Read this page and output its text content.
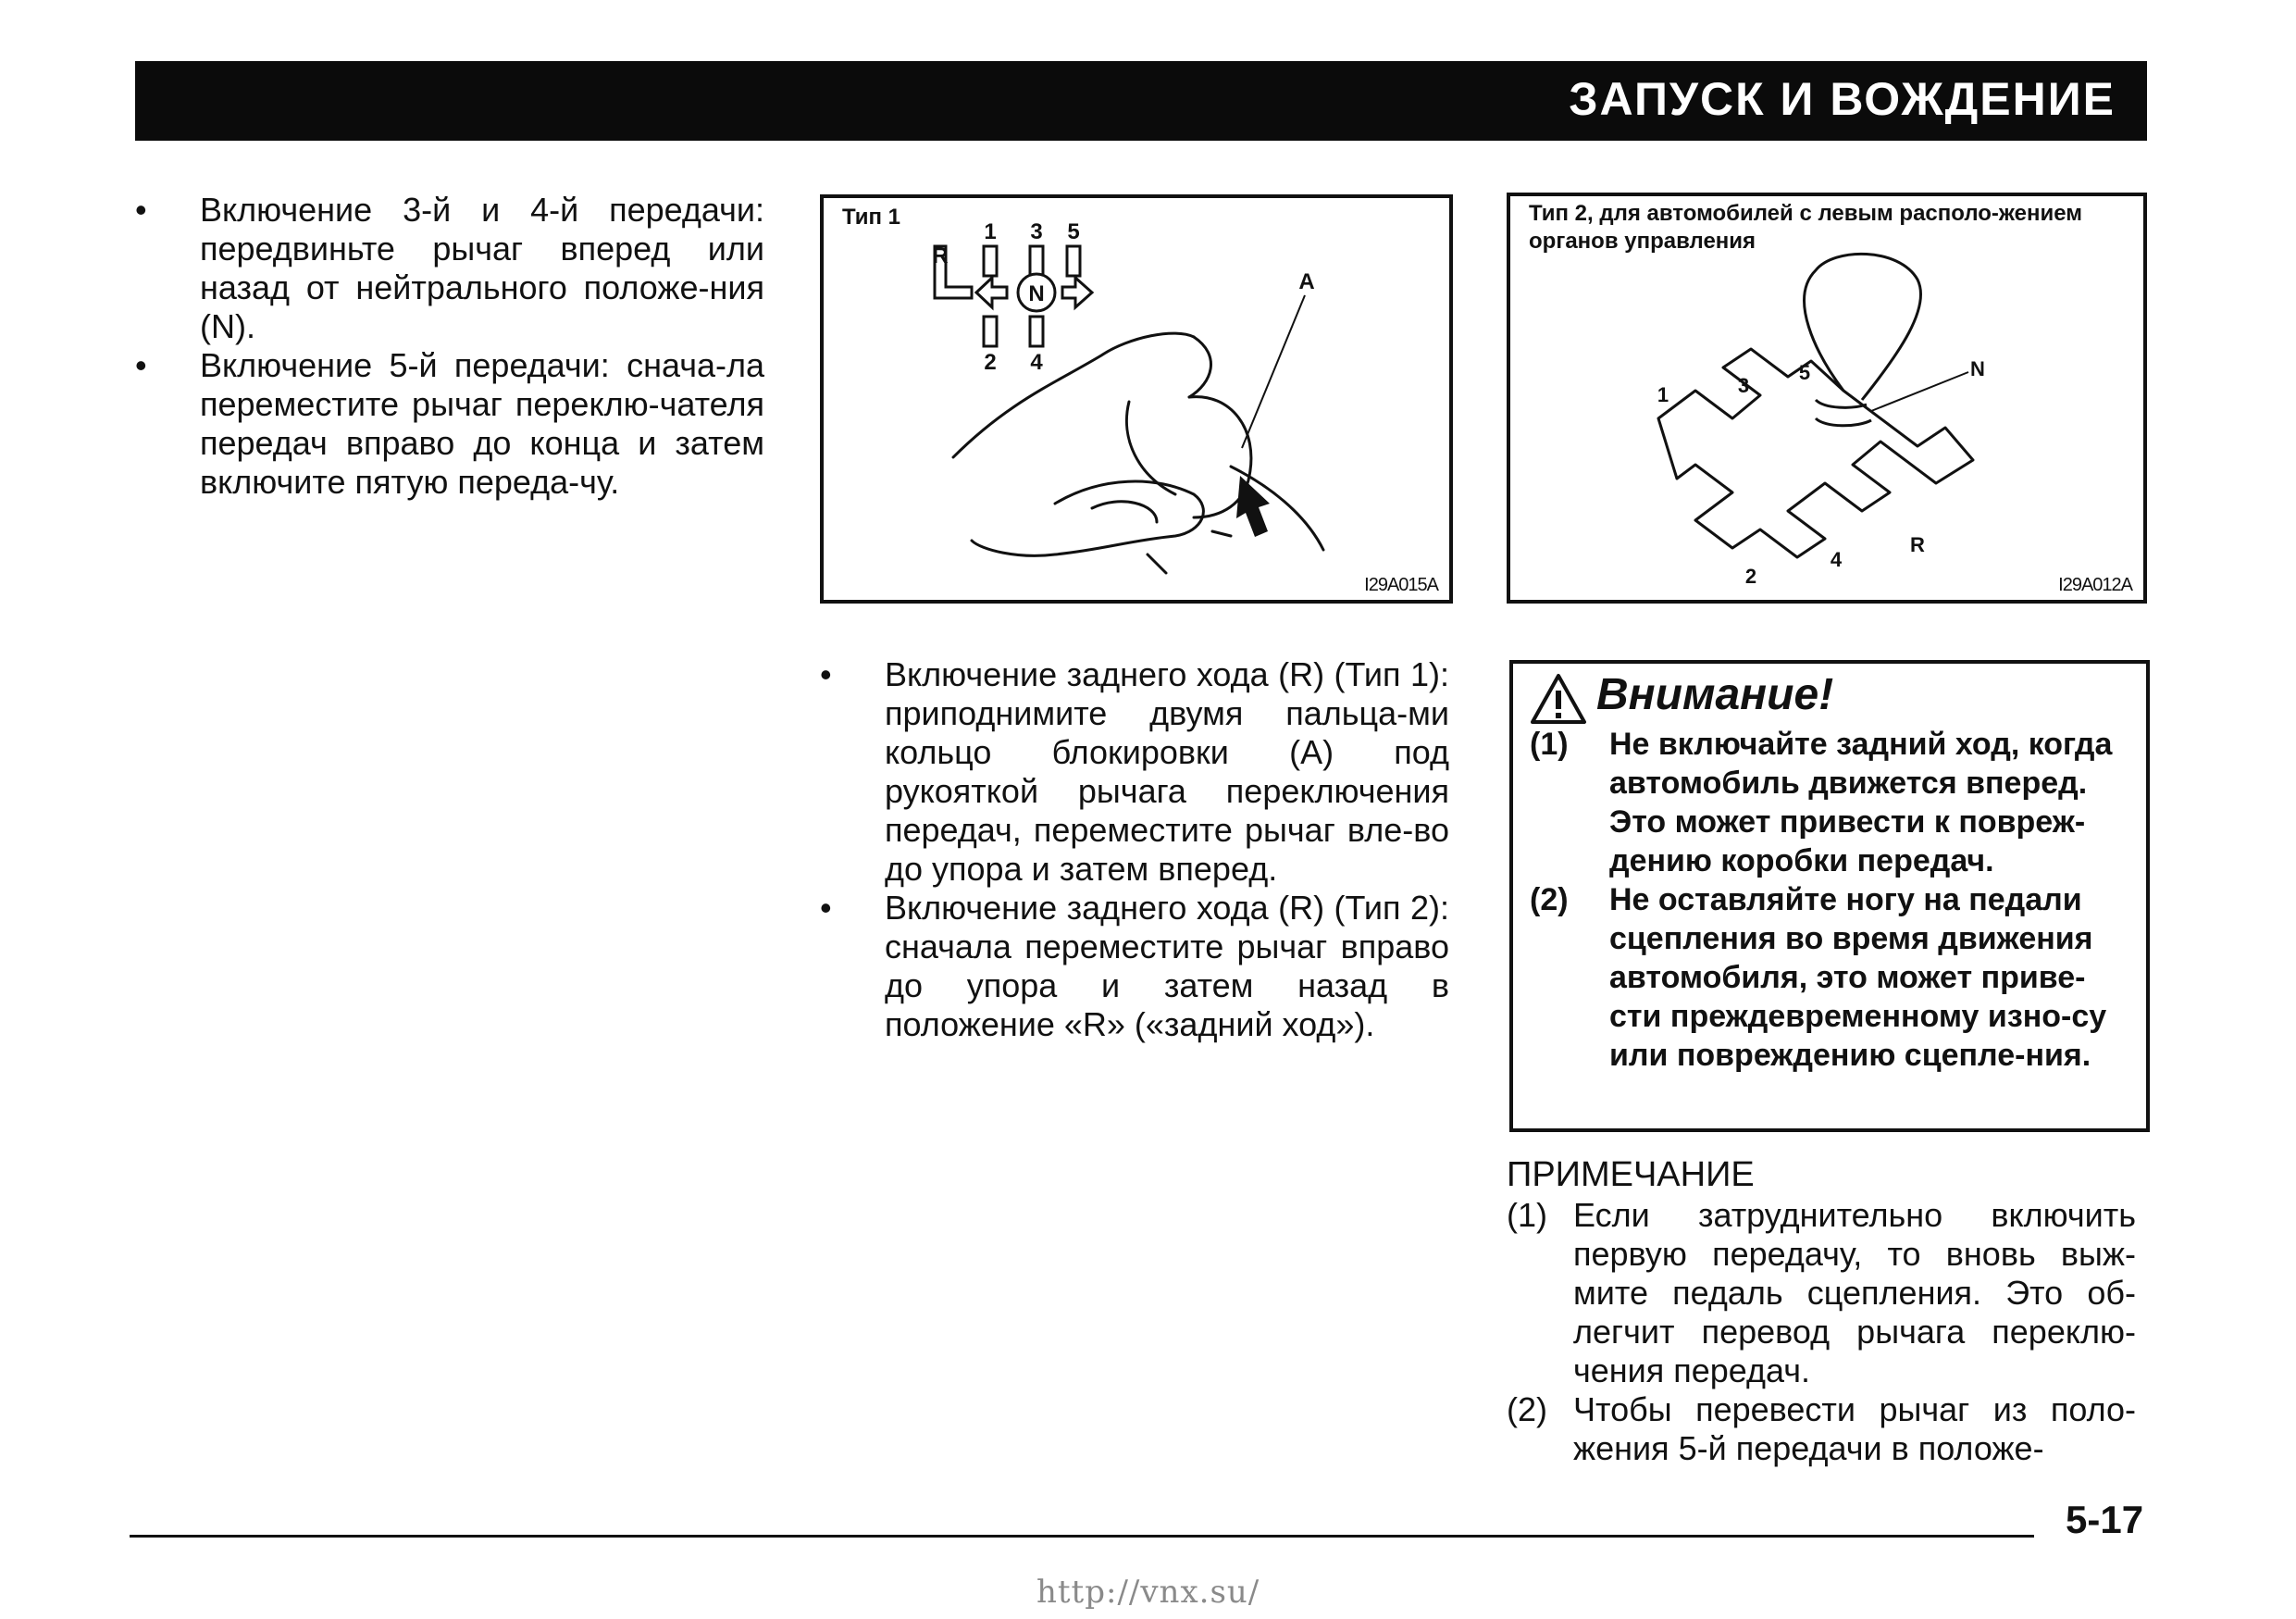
ЗАПУСК И ВОЖДЕНИЕ
•	Включение 3-й и 4-й передачи: передвиньте рычаг вперед или назад от нейтрального положе-ния (N).
•	Включение 5-й передачи: снача-ла переместите рычаг переклю-чателя передач вправо до конца и затем включите пятую переда-чу.
Тип 1
1 3 5
2 4
R
N	A
I29A015A
Тип 2, для автомобилей с левым располо-жением органов управления
1	3
5
2
4
R
N
I29A012A
•	Включение заднего хода (R) (Тип 1): приподнимите двумя пальца-ми кольцо блокировки (А) под рукояткой рычага переключения передач, переместите рычаг вле-во до упора и затем вперед.
•	Включение заднего хода (R) (Тип 2): сначала переместите рычаг вправо до упора и затем назад в положение «R» («задний ход»).
Внимание!
(1) Не включайте задний ход, когда автомобиль движется вперед. Это может привести к повреж-дению коробки передач.
(2) Не оставляйте ногу на педали сцепления во время движения автомобиля, это может приве-сти преждевременному изно-су или повреждению сцепле-ния.
ПРИМЕЧАНИЕ
(1) Если затруднительно включить первую передачу, то вновь выж-мите педаль сцепления. Это об-легчит перевод рычага переклю-чения передач.
(2) Чтобы перевести рычаг из поло-жения 5-й передачи в положе-
5-17
http://vnx.su/
